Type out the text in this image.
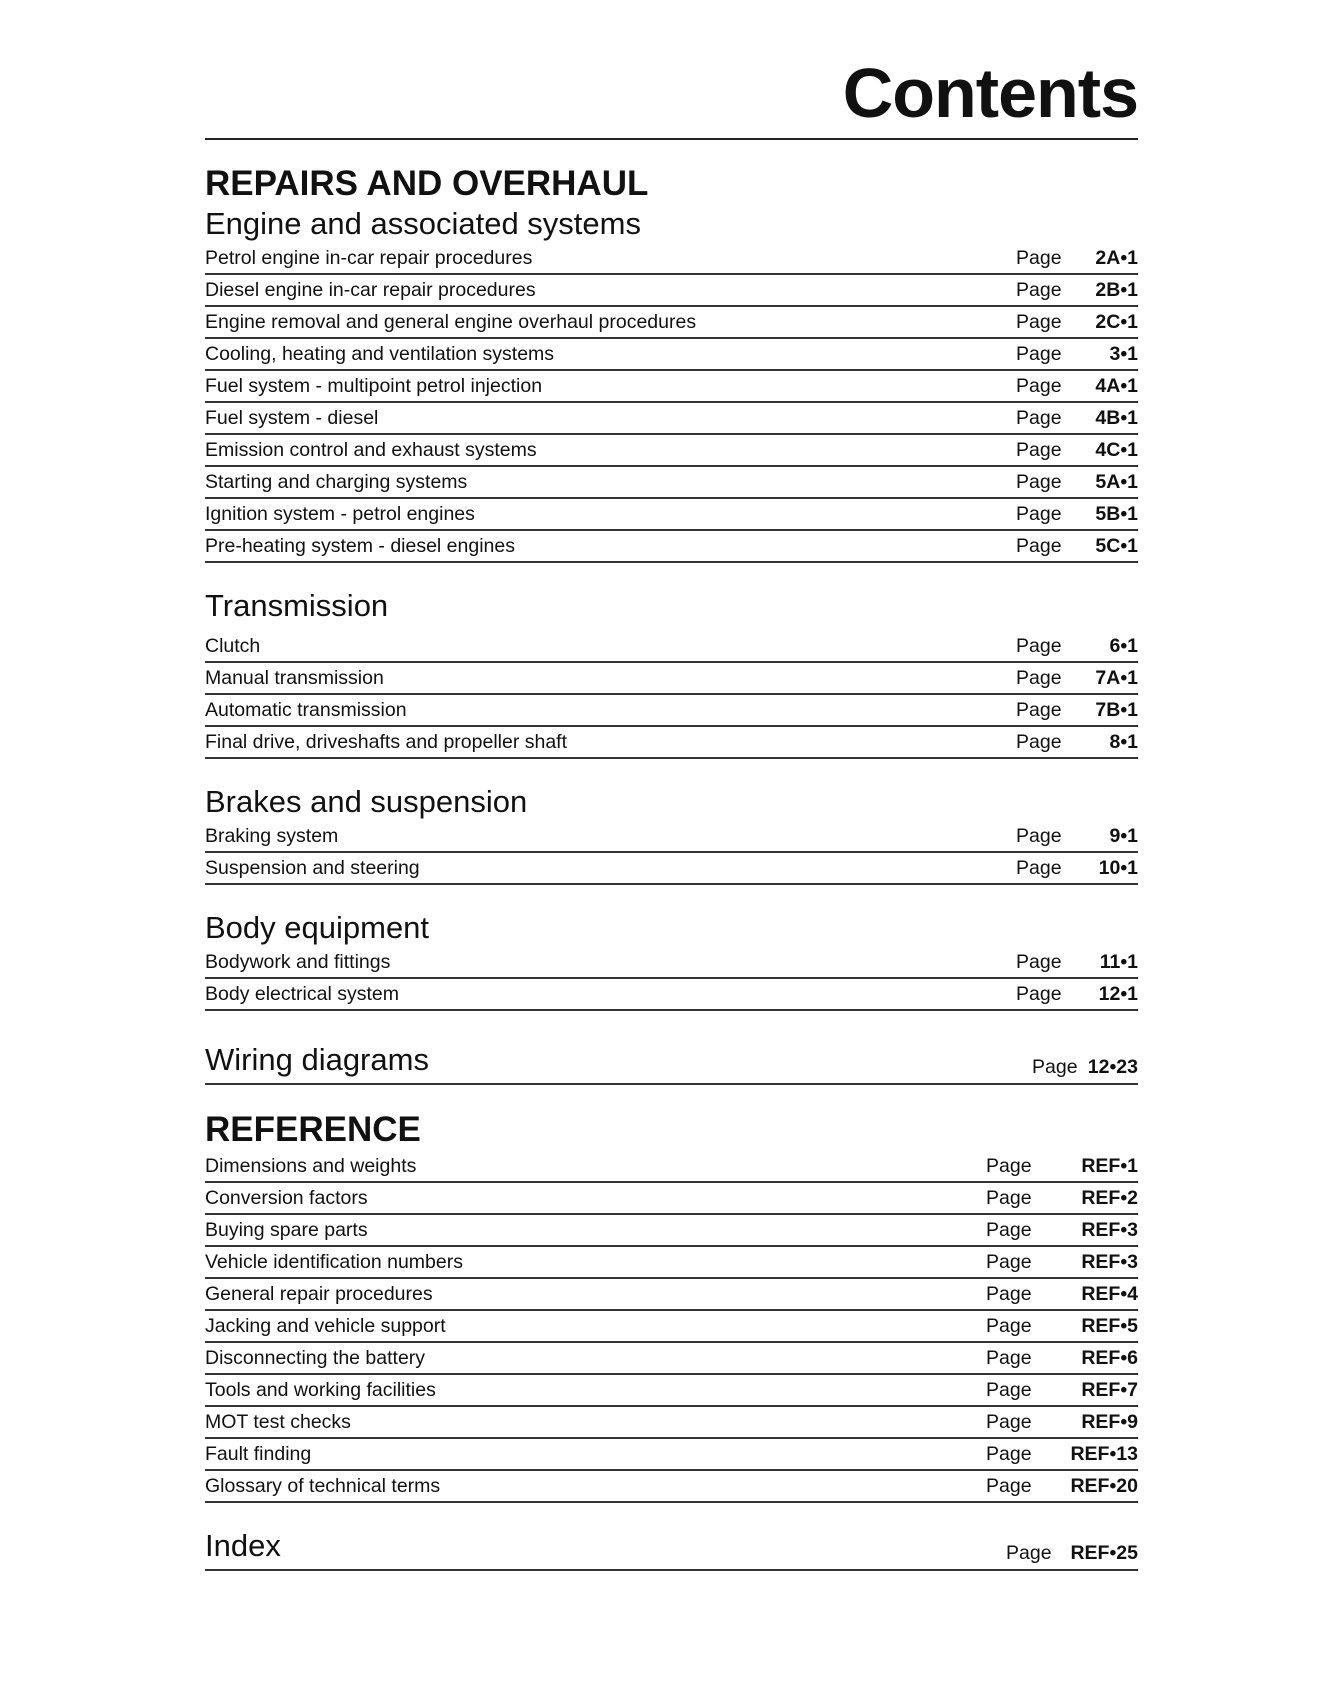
Contents
REPAIRS AND OVERHAUL
Engine and associated systems
Petrol engine in-car repair procedures	Page	2A•1
Diesel engine in-car repair procedures	Page	2B•1
Engine removal and general engine overhaul procedures	Page	2C•1
Cooling, heating and ventilation systems	Page	3•1
Fuel system - multipoint petrol injection	Page	4A•1
Fuel system - diesel	Page	4B•1
Emission control and exhaust systems	Page	4C•1
Starting and charging systems	Page	5A•1
Ignition system - petrol engines	Page	5B•1
Pre-heating system - diesel engines	Page	5C•1
Transmission
Clutch	Page	6•1
Manual transmission	Page	7A•1
Automatic transmission	Page	7B•1
Final drive, driveshafts and propeller shaft	Page	8•1
Brakes and suspension
Braking system	Page	9•1
Suspension and steering	Page	10•1
Body equipment
Bodywork and fittings	Page	11•1
Body electrical system	Page	12•1
Wiring diagrams	Page 12•23
REFERENCE
Dimensions and weights	Page	REF•1
Conversion factors	Page	REF•2
Buying spare parts	Page	REF•3
Vehicle identification numbers	Page	REF•3
General repair procedures	Page	REF•4
Jacking and vehicle support	Page	REF•5
Disconnecting the battery	Page	REF•6
Tools and working facilities	Page	REF•7
MOT test checks	Page	REF•9
Fault finding	Page	REF•13
Glossary of technical terms	Page	REF•20
Index	Page REF•25
